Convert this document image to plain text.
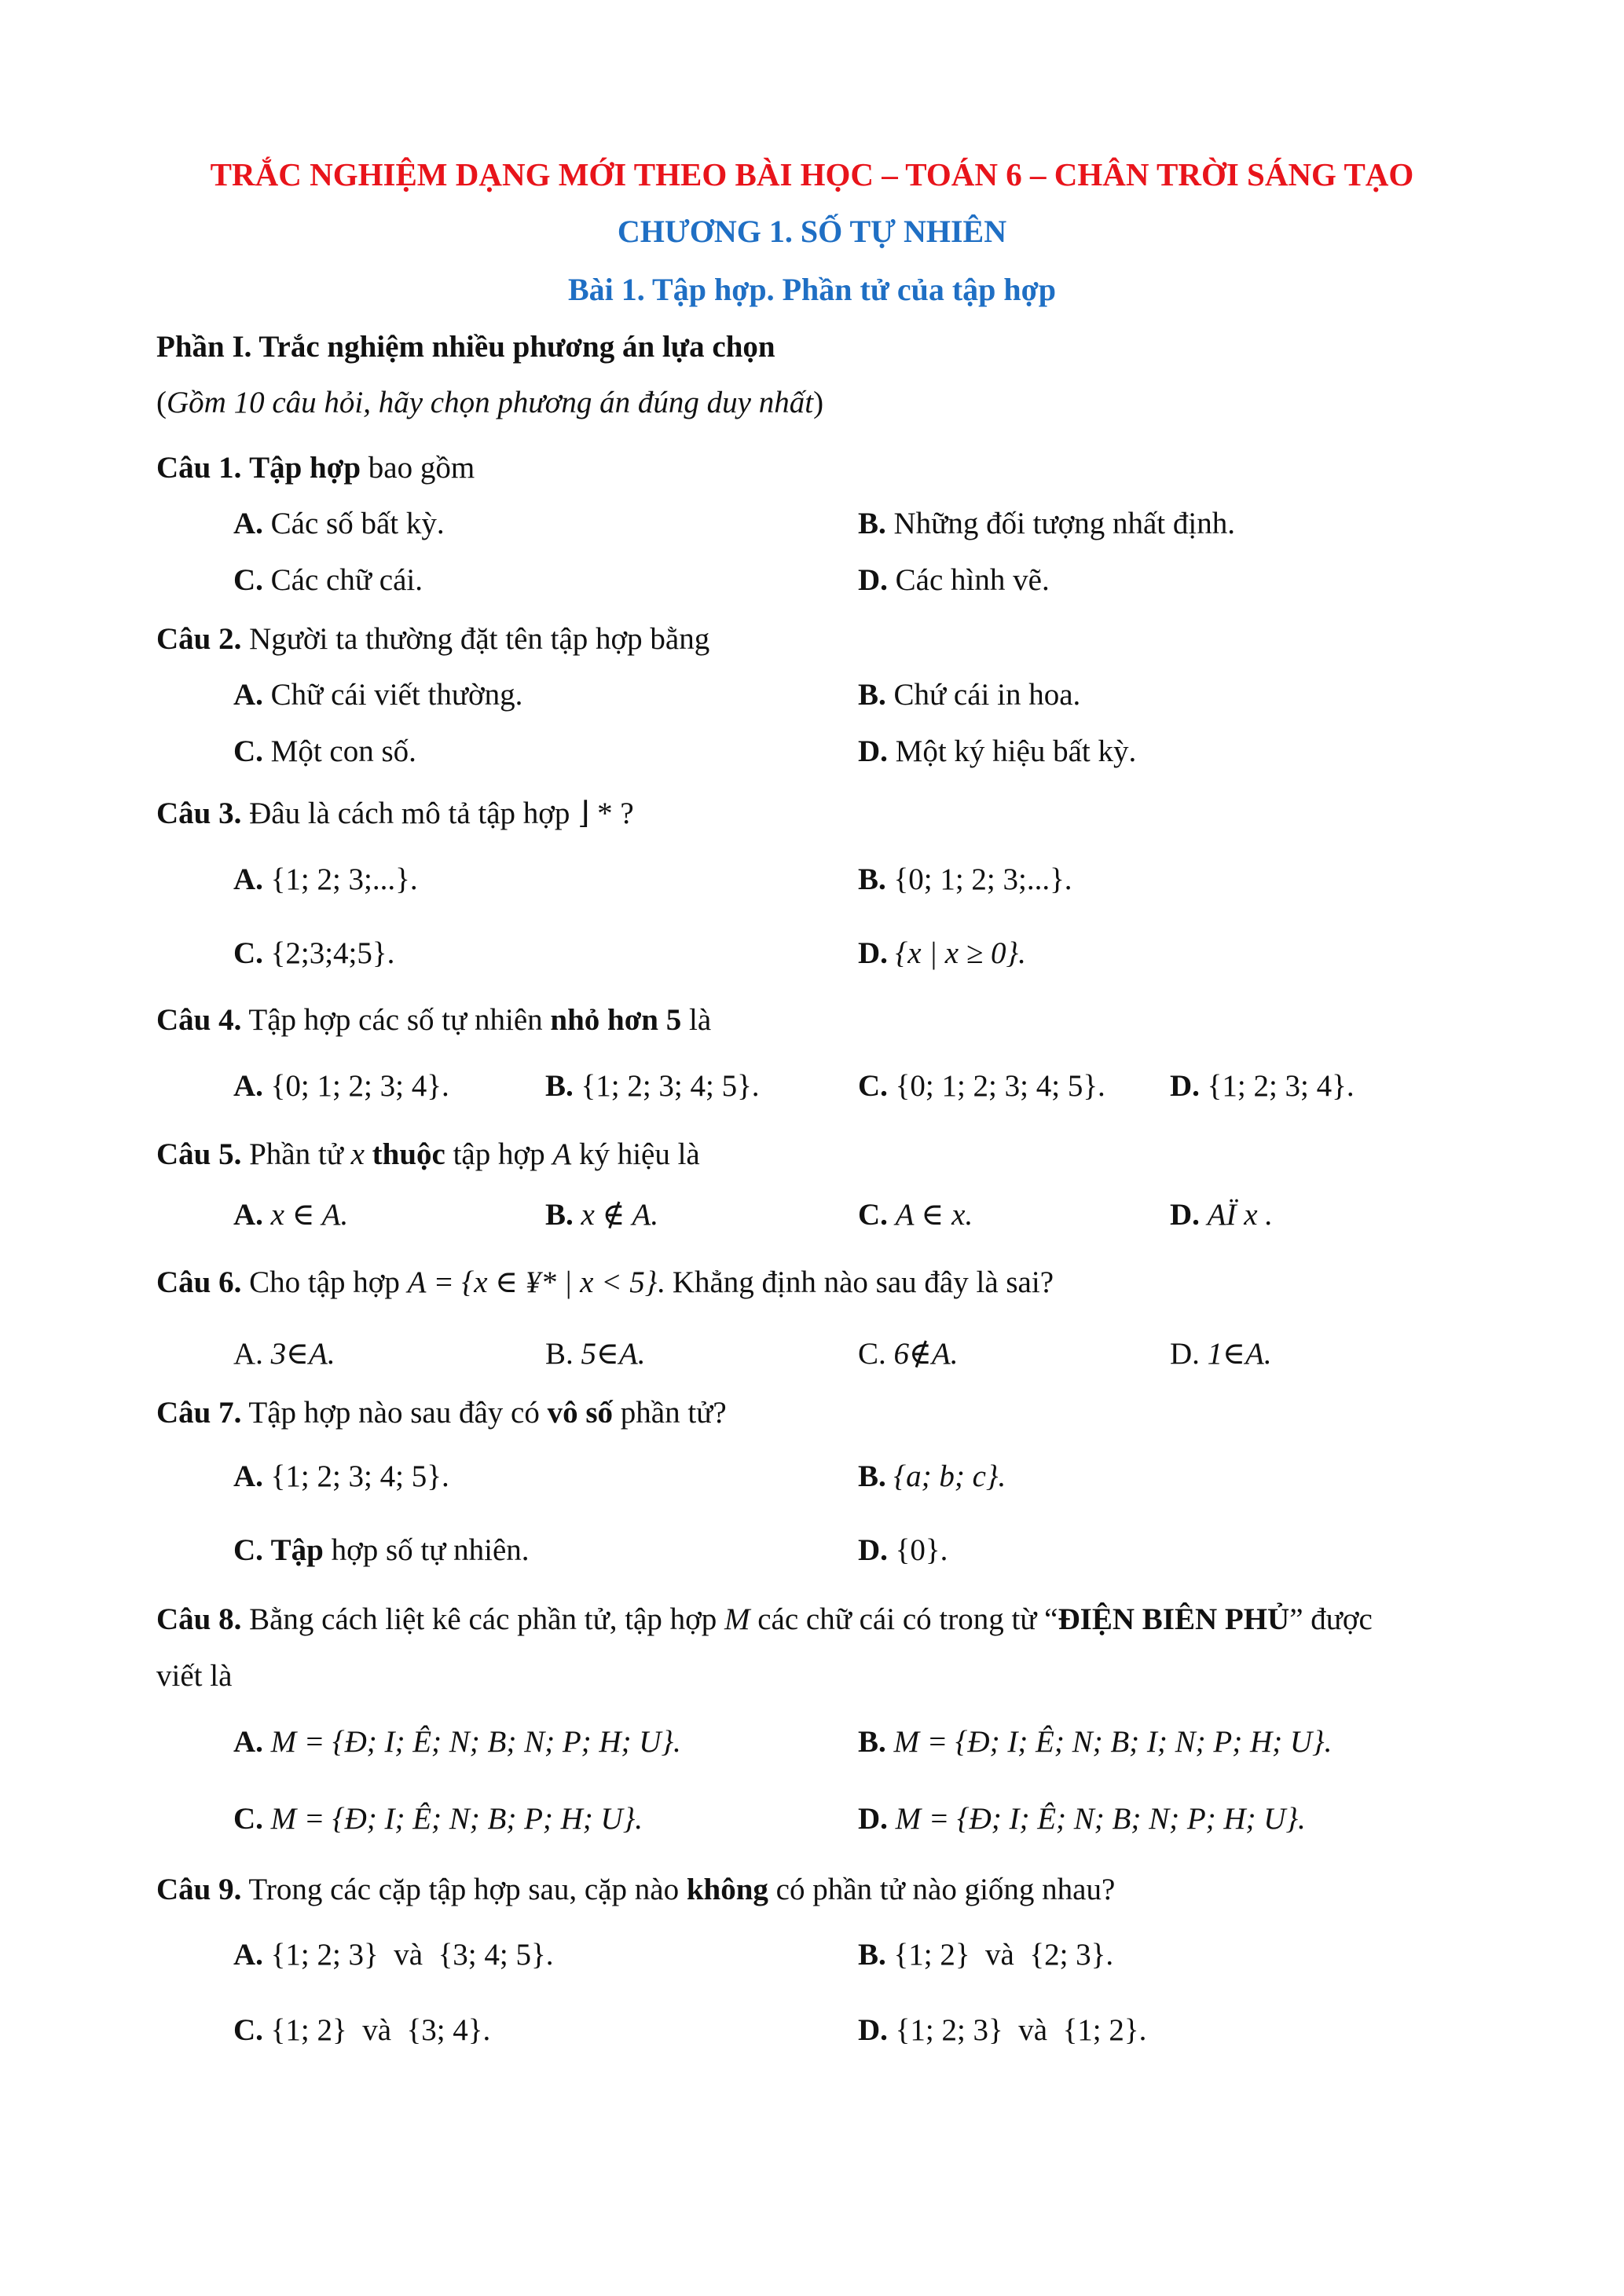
TRẮC NGHIỆM DẠNG MỚI THEO BÀI HỌC – TOÁN 6 – CHÂN TRỜI SÁNG TẠO
CHƯƠNG 1. SỐ TỰ NHIÊN
Bài 1. Tập hợp. Phần tử của tập hợp
Phần I. Trắc nghiệm nhiều phương án lựa chọn
(Gồm 10 câu hỏi, hãy chọn phương án đúng duy nhất)
Câu 1. Tập hợp bao gồm
A. Các số bất kỳ.	B. Những đối tượng nhất định.
C. Các chữ cái.	D. Các hình vẽ.
Câu 2. Người ta thường đặt tên tập hợp bằng
A. Chữ cái viết thường.	B. Chứ cái in hoa.
C. Một con số.	D. Một ký hiệu bất kỳ.
Câu 3. Đâu là cách mô tả tập hợp ⌋ * ?
A. {1; 2; 3;...}.	B. {0; 1; 2; 3;...}.
C. {2;3;4;5}.	D. {x | x ≥ 0}.
Câu 4. Tập hợp các số tự nhiên nhỏ hơn 5 là
A. {0; 1; 2; 3; 4}.	B. {1; 2; 3; 4; 5}.	C. {0; 1; 2; 3; 4; 5}. D. {1; 2; 3; 4}.
Câu 5. Phần tử x thuộc tập hợp A ký hiệu là
A. x ∈ A.	B. x ∉ A.	C. A ∈ x.	D. AÏ x .
Câu 6. Cho tập hợp A = {x ∈ ¥* | x < 5}. Khẳng định nào sau đây là sai?
A. 3∈A.	B. 5∈A.	C. 6∉A.	D. 1∈A.
Câu 7. Tập hợp nào sau đây có vô số phần tử?
A. {1; 2; 3; 4; 5}.	B. {a; b; c}.
C. Tập hợp số tự nhiên.	D. {0}.
Câu 8. Bằng cách liệt kê các phần tử, tập hợp M các chữ cái có trong từ “ĐIỆN BIÊN PHỦ” được
viết là
A. M = {Đ; I; Ê; N; B; N; P; H; U}.	B. M = {Đ; I; Ê; N; B; I; N; P; H; U}.
C. M = {Đ; I; Ê; N; B; P; H; U}.	D. M = {Đ; I; Ê; N; B; N; P; H; U}.
Câu 9. Trong các cặp tập hợp sau, cặp nào không có phần tử nào giống nhau?
A. {1; 2; 3}  và  {3; 4; 5}.	B. {1; 2}  và  {2; 3}.
C. {1; 2}  và  {3; 4}.	D. {1; 2; 3}  và  {1; 2}.
